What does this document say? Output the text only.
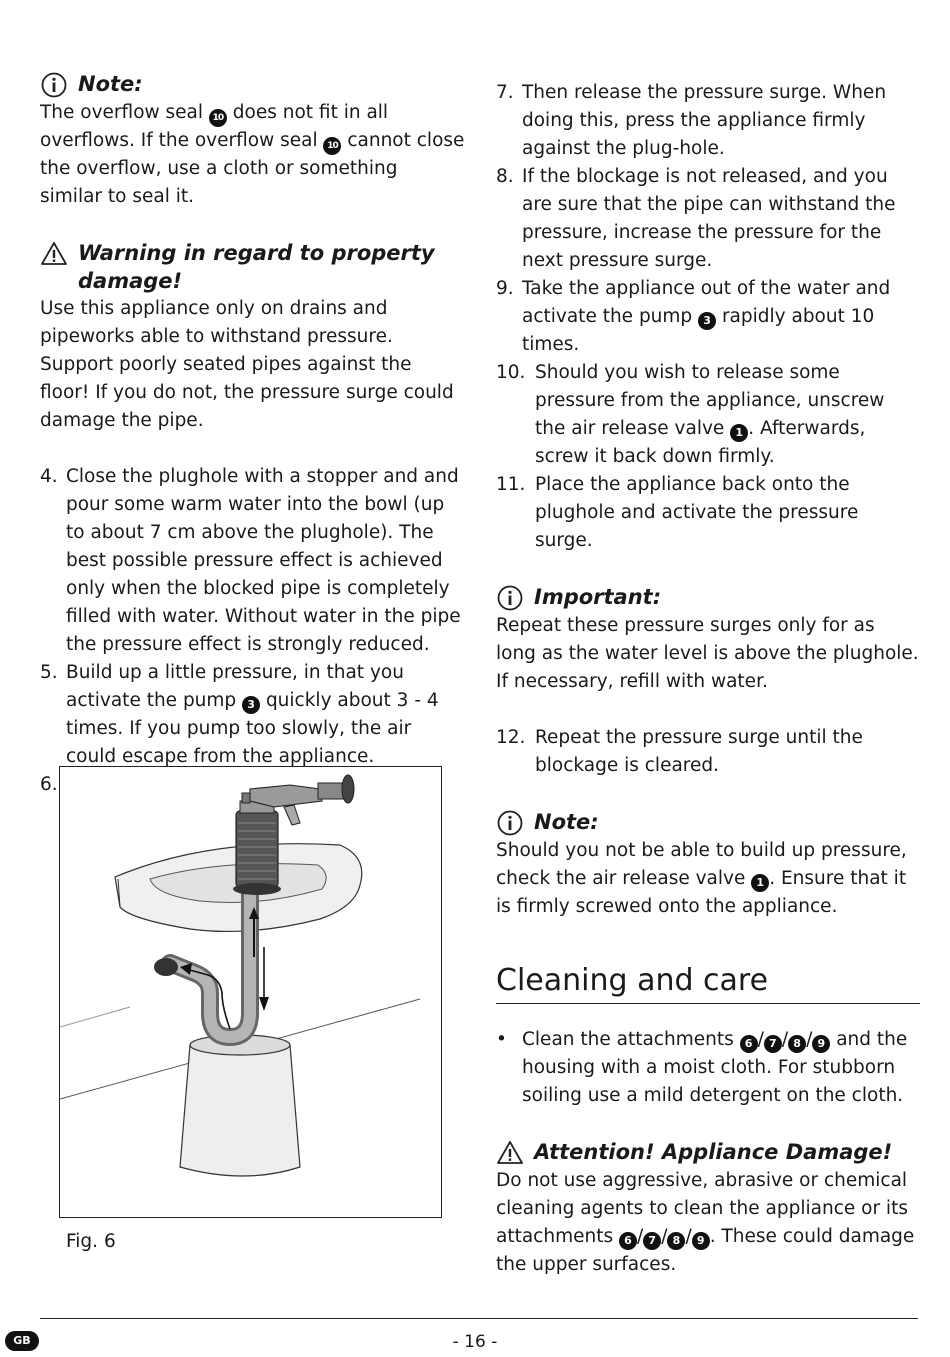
Note:

The overflow seal 10 does not fit in all overflows. If the overflow seal 10 cannot close the overflow, use a cloth or something similar to seal it.

Warning in regard to property damage!

Use this appliance only on drains and pipeworks able to withstand pressure. Support poorly seated pipes against the floor! If you do not, the pressure surge could damage the pipe.

4. Close the plughole with a stopper and and pour some warm water into the bowl (up to about 7 cm above the plughole). The best possible pressure effect is achieved only when the blocked pipe is completely filled with water. Without water in the pipe the pressure effect is strongly reduced.
5. Build up a little pressure, in that you activate the pump 3 quickly about 3 - 4 times. If you pump too slowly, the air could escape from the appliance.
6.
Fig. 6
7. Then release the pressure surge. When doing this, press the appliance firmly against the plug-hole.
8. If the blockage is not released, and you are sure that the pipe can withstand the pressure, increase the pressure for the next pressure surge.
9. Take the appliance out of the water and activate the pump 3 rapidly about 10 times.
10. Should you wish to release some pressure from the appliance, unscrew the air release valve 1 . Afterwards, screw it back down firmly.
11. Place the appliance back onto the plughole and activate the pressure surge.
Important:

Repeat these pressure surges only for as long as the water level is above the plughole. If necessary, refill with water.

12. Repeat the pressure surge until the blockage is cleared.
Note:

Should you not be able to build up pressure, check the air release valve 1 . Ensure that it is firmly screwed onto the appliance.

Cleaning and care
• Clean the attachments 6 / 7 / 8 / 9 and the housing with a moist cloth. For stubborn soiling use a mild detergent on the cloth.
Attention! Appliance Damage!

Do not use aggressive, abrasive or chemical cleaning agents to clean the appliance or its attachments 6 / 7 / 8 / 9 . These could damage the upper surfaces.

GB	- 16 -
